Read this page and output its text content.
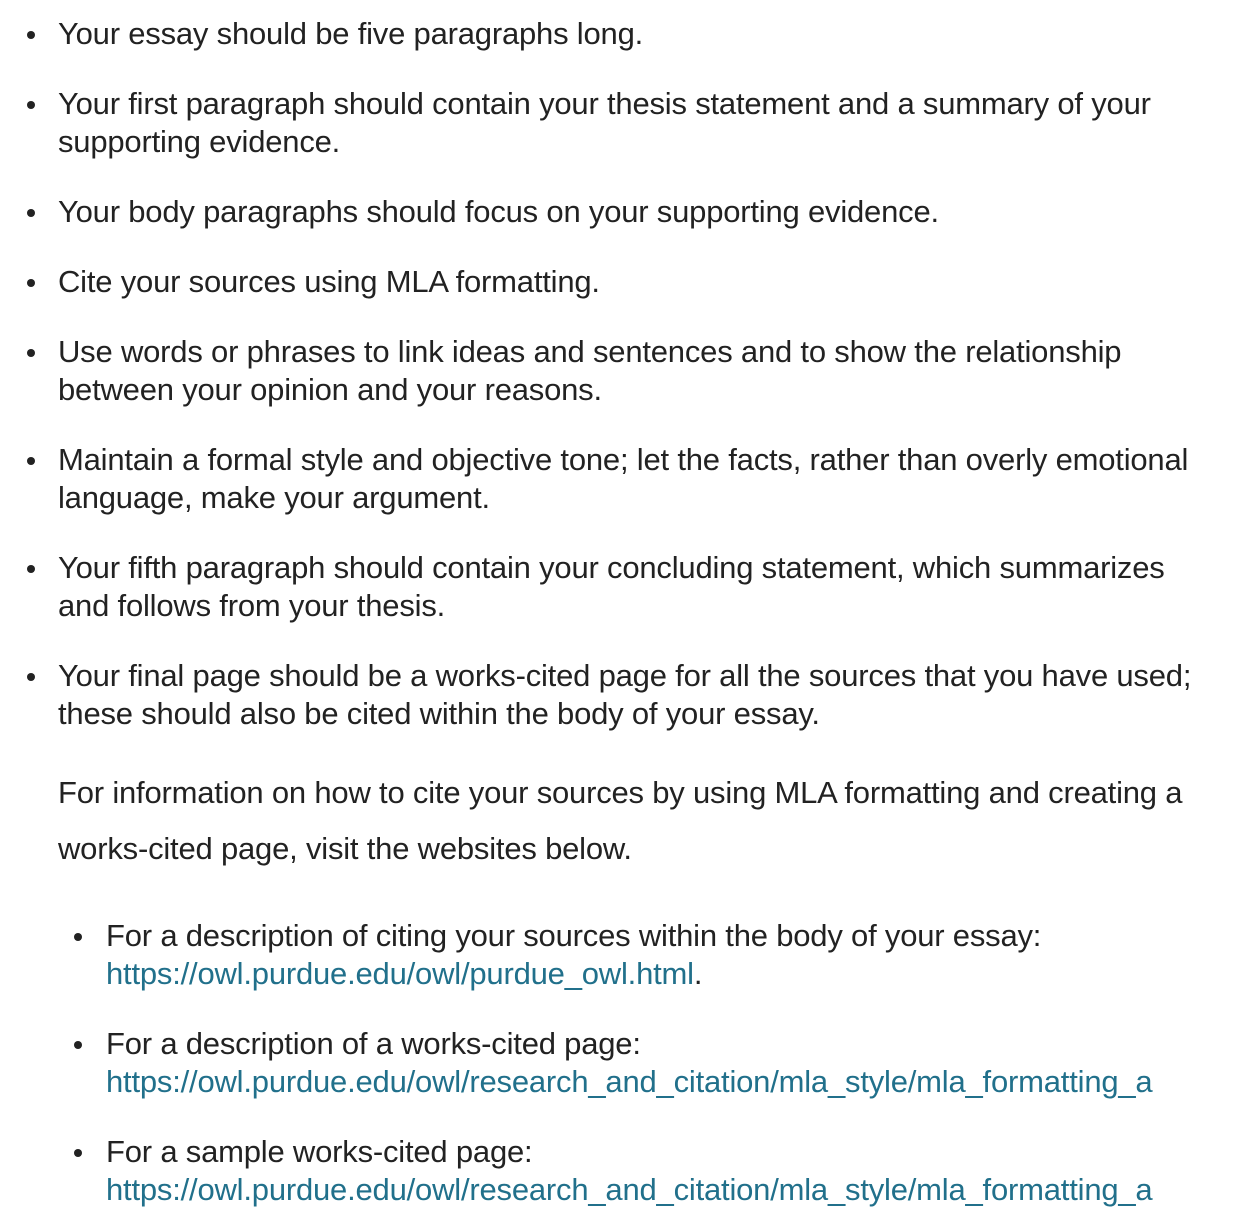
Your essay should be five paragraphs long.
Your first paragraph should contain your thesis statement and a summary of your supporting evidence.
Your body paragraphs should focus on your supporting evidence.
Cite your sources using MLA formatting.
Use words or phrases to link ideas and sentences and to show the relationship between your opinion and your reasons.
Maintain a formal style and objective tone; let the facts, rather than overly emotional language, make your argument.
Your fifth paragraph should contain your concluding statement, which summarizes and follows from your thesis.
Your final page should be a works-cited page for all the sources that you have used; these should also be cited within the body of your essay.
For information on how to cite your sources by using MLA formatting and creating a works-cited page, visit the websites below.
For a description of citing your sources within the body of your essay:
https://owl.purdue.edu/owl/purdue_owl.html.
For a description of a works-cited page:
https://owl.purdue.edu/owl/research_and_citation/mla_style/mla_formatting_a
For a sample works-cited page:
https://owl.purdue.edu/owl/research_and_citation/mla_style/mla_formatting_a
